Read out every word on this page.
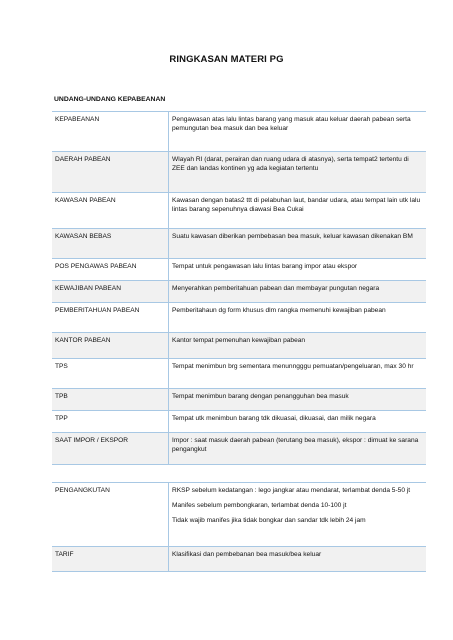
RINGKASAN MATERI PG
UNDANG-UNDANG KEPABEANAN
KEPABEANAN	Pengawasan atas lalu lintas barang yang masuk atau keluar daerah pabean serta pemungutan bea masuk dan bea keluar
DAERAH PABEAN	Wlayah RI (darat, perairan dan ruang udara di atasnya), serta tempat2 tertentu di ZEE dan landas kontinen yg ada kegiatan tertentu
KAWASAN PABEAN	Kawasan dengan batas2 ttt di pelabuhan laut, bandar udara, atau tempat lain utk lalu lintas barang sepenuhnya diawasi Bea Cukai
KAWASAN BEBAS	Suatu kawasan diberikan pembebasan bea masuk, keluar kawasan dikenakan BM
POS PENGAWAS PABEAN	Tempat untuk pengawasan lalu lintas barang impor atau ekspor
KEWAJIBAN PABEAN	Menyerahkan pemberitahuan pabean dan membayar pungutan negara
PEMBERITAHUAN PABEAN	Pemberitahaun dg form khusus dlm rangka memenuhi kewajiban pabean
KANTOR PABEAN	Kantor tempat pemenuhan kewajiban pabean
TPS	Tempat menimbun brg sementara menunngggu pemuatan/pengeluaran, max 30 hr
TPB	Tempat menimbun barang dengan penangguhan bea masuk
TPP	Tempat utk menimbun barang tdk dikuasai, dikuasai, dan milik negara
SAAT IMPOR / EKSPOR	Impor : saat masuk daerah pabean (terutang bea masuk), ekspor : dimuat ke sarana pengangkut
PENGANGKUTAN	RKSP sebelum kedatangan : lego jangkar atau mendarat, terlambat denda 5-50 jt
Manifes sebelum pembongkaran, terlambat denda 10-100 jt
Tidak wajib manifes jika tidak bongkar dan sandar tdk lebih 24 jam

TARIF	Klasifikasi dan pembebanan bea masuk/bea keluar
